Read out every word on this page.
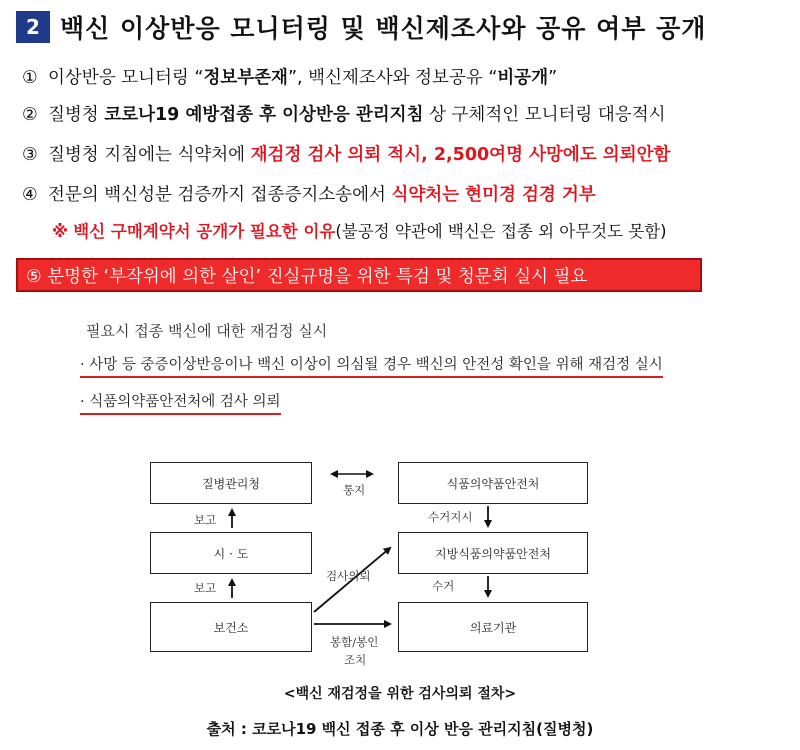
2 백신 이상반응 모니터링 및 백신제조사와 공유 여부 공개
① 이상반응 모니터링 “정보부존재”, 백신제조사와 정보공유 “비공개”
② 질병청 코로나19 예방접종 후 이상반응 관리지침 상 구체적인 모니터링 대응적시
③ 질병청 지침에는 식약처에 재검정 검사 의뢰 적시, 2,500여명 사망에도 의뢰안함
④ 전문의 백신성분 검증까지 접종증지소송에서 식약처는 현미경 검경 거부
※ 백신 구매계약서 공개가 필요한 이유(불공정 약관에 백신은 접종 외 아무것도 못함)
⑤ 분명한 ‘부작위에 의한 살인’ 진실규명을 위한 특검 및 청문회 실시 필요
필요시 접종 백신에 대한 재검정 실시
· 사망 등 중증이상반응이나 백신 이상이 의심될 경우 백신의 안전성 확인을 위해 재검정 실시
· 식품의약품안전처에 검사 의뢰
질병관리청	식품의약품안전처
시 · 도	지방식품의약품안전처
보건소	의료기관
통지
보고
보고
수거지시
수거
검사의뢰
봉함/봉인
조치
<백신 재검정을 위한 검사의뢰 절차>
출처 : 코로나19 백신 접종 후 이상 반응 관리지침(질병청)
